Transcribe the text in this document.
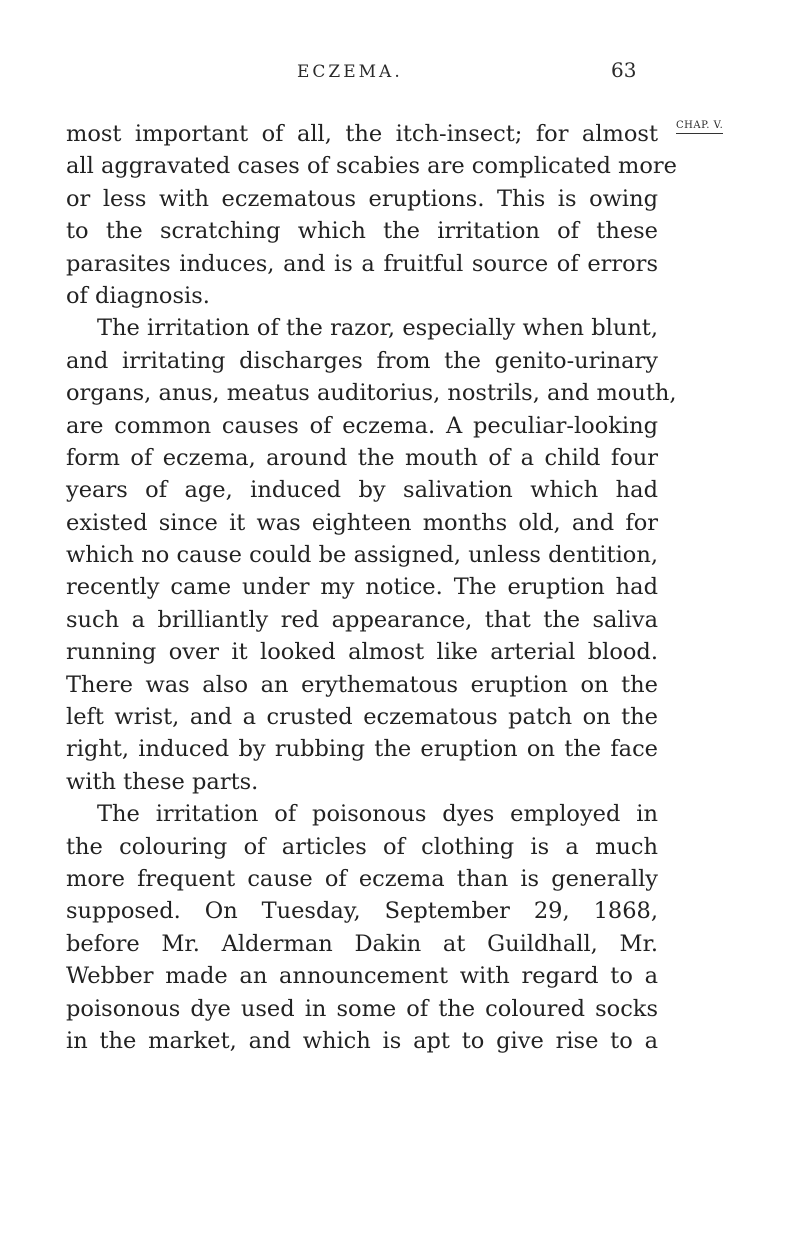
ECZEMA.	63
CHAP. V.
most important of all, the itch-insect; for almost
all aggravated cases of scabies are complicated more
or less with eczematous eruptions. This is owing
to the scratching which the irritation of these
parasites induces, and is a fruitful source of errors
of diagnosis.
The irritation of the razor, especially when blunt,
and irritating discharges from the genito-urinary
organs, anus, meatus auditorius, nostrils, and mouth,
are common causes of eczema. A peculiar-looking
form of eczema, around the mouth of a child four
years of age, induced by salivation which had
existed since it was eighteen months old, and for
which no cause could be assigned, unless dentition,
recently came under my notice. The eruption had
such a brilliantly red appearance, that the saliva
running over it looked almost like arterial blood.
There was also an erythematous eruption on the
left wrist, and a crusted eczematous patch on the
right, induced by rubbing the eruption on the face
with these parts.
The irritation of poisonous dyes employed in
the colouring of articles of clothing is a much
more frequent cause of eczema than is generally
supposed. On Tuesday, September 29, 1868,
before Mr. Alderman Dakin at Guildhall, Mr.
Webber made an announcement with regard to a
poisonous dye used in some of the coloured socks
in the market, and which is apt to give rise to a
